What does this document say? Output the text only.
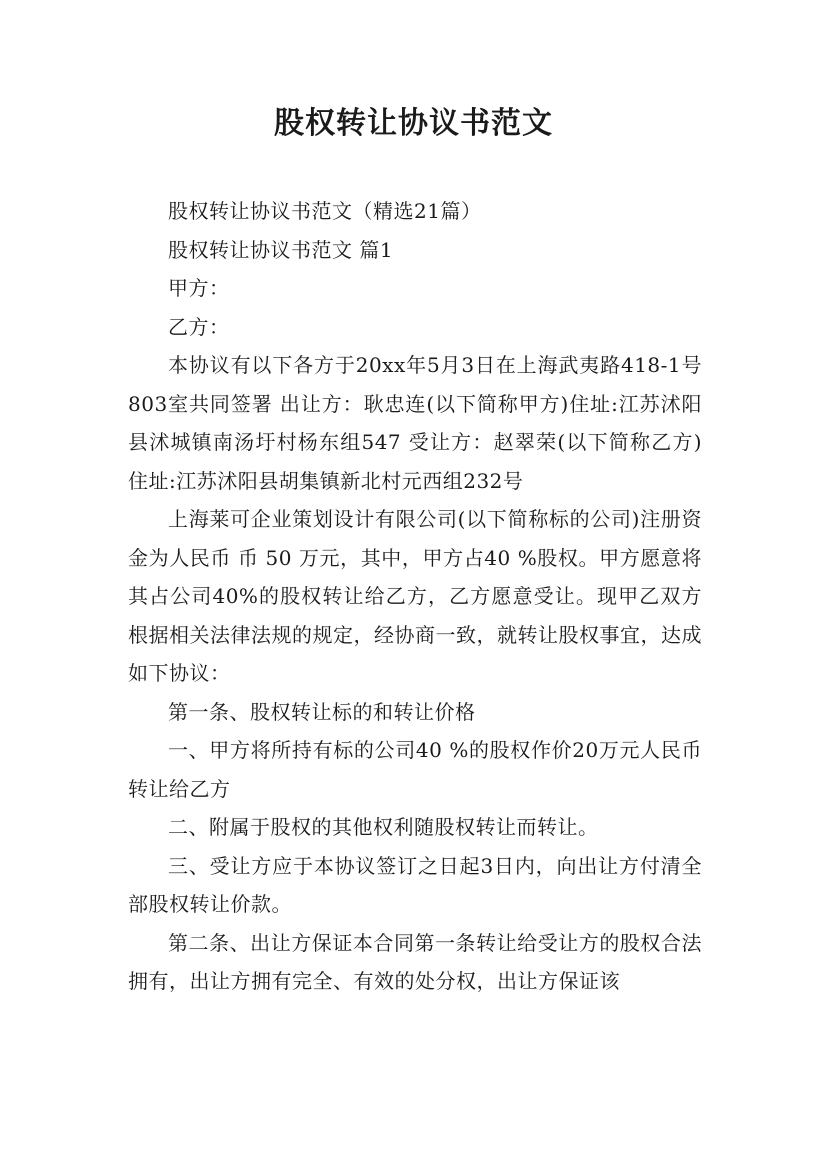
股权转让协议书范文

股权转让协议书范文（精选21篇）

股权转让协议书范文 篇1

甲方：

乙方：

本协议有以下各方于20xx年5月3日在上海武夷路418-1号803室共同签署 出让方：耿忠连(以下简称甲方)住址:江苏沭阳县沭城镇南汤圩村杨东组547 受让方：赵翠荣(以下简称乙方)住址:江苏沭阳县胡集镇新北村元西组232号

上海莱可企业策划设计有限公司(以下简称标的公司)注册资金为人民币 币 50 万元，其中，甲方占40 %股权。甲方愿意将其占公司40%的股权转让给乙方，乙方愿意受让。现甲乙双方根据相关法律法规的规定，经协商一致，就转让股权事宜，达成如下协议：

第一条、股权转让标的和转让价格

一、甲方将所持有标的公司40 %的股权作价20万元人民币转让给乙方

二、附属于股权的其他权利随股权转让而转让。

三、受让方应于本协议签订之日起3日内，向出让方付清全部股权转让价款。

第二条、出让方保证本合同第一条转让给受让方的股权合法拥有，出让方拥有完全、有效的处分权，出让方保证该
